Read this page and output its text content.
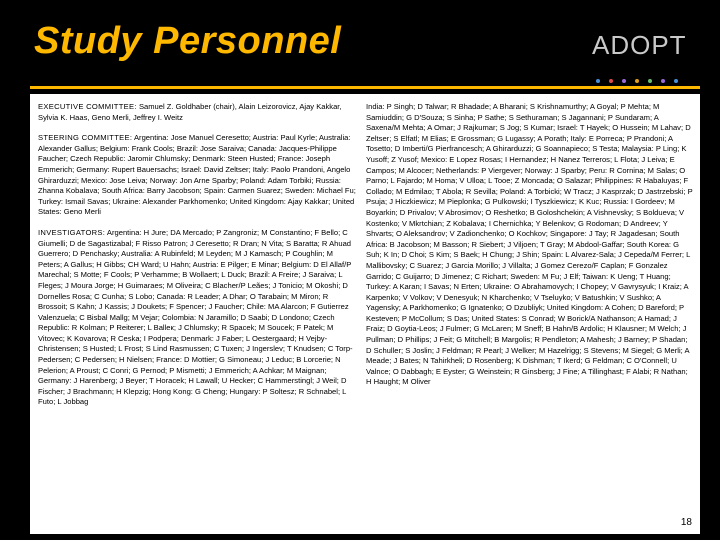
Study Personnel	ADOPT

EXECUTIVE COMMITTEE: Samuel Z. Goldhaber (chair), Alain Leizorovicz, Ajay Kakkar, Sylvia K. Haas, Geno Merli, Jeffrey I. Weitz

STEERING COMMITTEE: Argentina: Jose Manuel Ceresetto; Austria: Paul Kyrle; Australia: Alexander Gallus; Belgium: Frank Cools; Brazil: Jose Saraiva; Canada: Jacques-Philippe Faucher; Czech Republic: Jaromir Chlumsky; Denmark: Steen Husted; France: Joseph Emmerich; Germany: Rupert Bauersachs; Israel: David Zeltser; Italy: Paolo Prandoni, Angelo Ghirarduzzi; Mexico: Jose Leiva; Norway: Jon Arne Sparby; Poland: Adam Torbiki; Russia: Zhanna Kobalava; South Africa: Barry Jacobson; Spain: Carmen Suarez; Sweden: Michael Fu; Turkey: Ismail Savas; Ukraine: Alexander Parkhomenko; United Kingdom: Ajay Kakkar; United States: Geno Merli

INVESTIGATORS: Argentina: H Jure; DA Mercado; P Zangroniz; M Constantino; F Bello; C Giumelli; D de Sagastizabal; F Risso Patron; J Ceresetto; R Dran; N Vita; S Baratta; R Ahuad Guerrero; D Penchasky; Australia: A Rubinfeld; M Leyden; M J Kamasch; P Coughlin; M Peters; A Gallus; H Gibbs; CH Ward; U Hahn; Austria: E Pilger; E Minar; Belgium: D El Allaf/P Marechal; S Motte; F Cools; P Verhamme; B Wollaert; L Duck; Brazil: A Freire; J Saraiva; L Fleges; J Moura Jorge; H Guimaraes; M Oliveira; C Blacher/P Leães; J Tonicio; M Okoshi; D Dornelles Rosa; C Cunha; S Lobo; Canada: R Leader; A Dhar; O Tarabain; M Miron; R Brossoit; S Kahn; J Kassis; J Doukets; F Spencer; J Faucher; Chile: MA Alarcon; F Gutierrez Valenzuela; C Bisbal Mallg; M Vejar; Colombia: N Jaramillo; D Saabi; D Londono; Czech Republic: R Kolman; P Reiterer; L Balleк; J Chlumsky; R Spacek; M Soucek; F Patek; M Vitovec; K Kovarova; R Ceska; I Podpera; Denmark: J Faber; L Oestergaard; H Vejby-Christensen; S Husted; L Frost; S Lind Rasmussen; C Tuxen; J Ingerslev; T Knudsen; C Torp-Pedersen; C Pedersen; H Nielsen; France: D Mottier; G Simoneau; J Leduc; B Lorcerie; N Pelerion; A Proust; C Conri; G Pernod; P Mismetti; J Emmerich; A Achkar; M Maignan; Germany: J Harenberg; J Beyer; T Horacek; H Lawall; U Hecker; C Hammerstingl; J Weil; D Fischer; J Brachmann; H Klepzig; Hong Kong: G Cheng; Hungary: P Soltesz; R Schnabel; L Futo; L Jobbag

India: P Singh; D Talwar; R Bhadade; A Bharani; S Krishnamurthy; A Goyal; P Mehta; M Samiuddin; G D'Souza; S Sinha; P Sathe; S Sethuraman; S Jagannani; P Sundaram; A Saxena/M Mehta; A Omar; J Rajkumar; S Jog; S Kumar; Israel: T Hayek; O Hussein; M Lahav; D Zeltser; S Elfatl; M Elias; E Grossman; G Lugassy; A Porath; Italy: E Porreca; P Prandoni; A Tosetto; D Imberti/G Pierfrancesch; A Ghirarduzzi; G Soannapieco; S Testa; Malaysia: P Ling; K Yusoff; Z Yusof; Mexico: E Lopez Rosas; I Hernandez; H Nanez Terreros; L Flota; J Leiva; E Campos; M Alcocer; Netherlands: P Viergever; Norway: J Sparby; Peru: R Cornina; M Salas; O Parno; L Fajardo; M Homa; V Ulloa; L Tooe; Z Moncada; O Salazar; Philippines: R Habaluyas; F Collado; M Edmilao; T Abola; R Sevilla; Poland: A Torbicki; W Tracz; J Kasprzak; D Jastrzebski; P Psuja; J Hiczkiewicz; M Pieplonka; G Pulkowski; I Tyszkiewicz; K Kuc; Russia: I Gordeev; M Boyarkin; D Privalov; V Abrosimov; O Reshetko; B Goloshchekin; A Vishnevsky; S Boldueva; V Kostenko; V Mkrtchian; Z Kobalava; I Chernichka; Y Belenkov; G Rodoman; D Andreev; Y Shvarts; O Aleksandrov; V Zadionchenko; O Kochkov; Singapore: J Tay; R Jagadesan; South Africa: B Jacobson; M Basson; R Siebert; J Viljoen; T Gray; M Abdool-Gaffar; South Korea: G Suh; K In; D Choi; S Kim; S Baek; H Chung; J Shin; Spain: L Alvarez-Sala; J Cepeda/M Ferrer; L Mallibovsky; C Suarez; J Garcia Morillo; J Villalta; J Gomez Cerezo/F Caplan; F Gonzalez Garrido; C Guijarro; D Jimenez; C Richart; Sweden: M Fu; J Elf; Taiwan: K Ueng; T Huang; Turkey: A Karan; I Savas; N Erten; Ukraine: O Abrahamovych; I Chopey; V Gavrysyuk; I Kraiz; A Karpenko; V Volkov; V Denesyuk; N Kharchenko; V Tseluyko; V Batushkin; V Sushko; A Yagensky; A Parkhomenko; G Ignatenko; O Dzubliyk; United Kingdom: A Cohen; D Bareford; P Kesteven; P McCollum; S Das; United States: S Conrad; W Borick/A Nathanson; A Hamad; J Fraiz; D Goytia-Leos; J Fulmer; G McLaren; M Sneff; B Hahn/B Ardolic; H Klausner; M Welch; J Pullman; D Phillips; J Feit; G Mitchell; B Margolis; R Pendleton; A Mahesh; J Barney; P Shadan; D Schuller; S Joslin; J Feldman; R Pearl; J Welker; M Hazelrigg; S Stevens; M Siegel; G Merli; A Meade; J Bates; N Tahirkheli; D Rosenberg; K Dishman; T Ikerd; G Feldman; C O'Connell; U Valnce; O Dabbagh; E Eyster; G Weinstein; R Ginsberg; J Fine; A Tillinghast; F Alabi; R Nathan; H Haught; M Oliver

18
